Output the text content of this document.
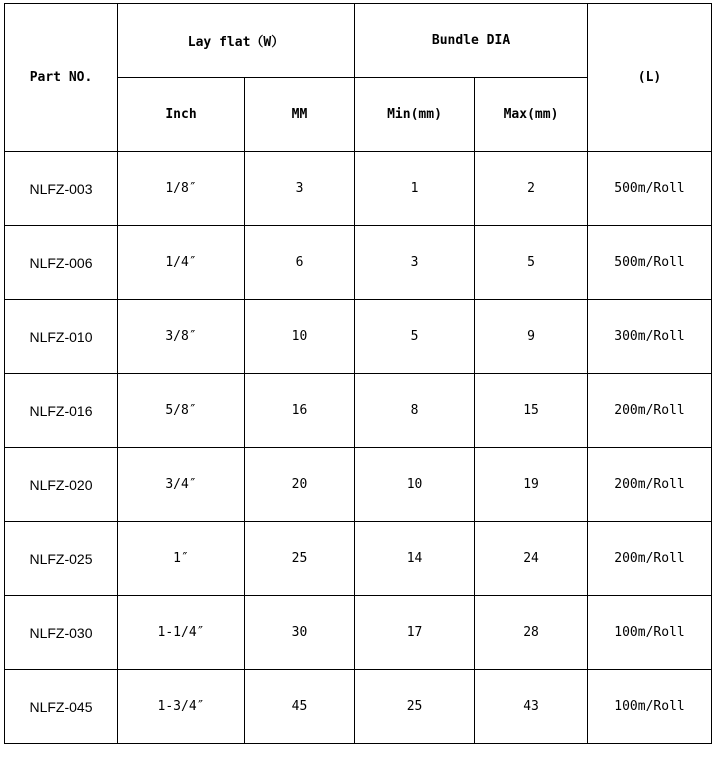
Part NO.	Lay flat（W）		Bundle DIA		(L)
	Inch	MM	Min(mm)	Max(mm)	
NLFZ-003	1/8″	3	1	2	500m/Roll
NLFZ-006	1/4″	6	3	5	500m/Roll
NLFZ-010	3/8″	10	5	9	300m/Roll
NLFZ-016	5/8″	16	8	15	200m/Roll
NLFZ-020	3/4″	20	10	19	200m/Roll
NLFZ-025	1″	25	14	24	200m/Roll
NLFZ-030	1-1/4″	30	17	28	100m/Roll
NLFZ-045	1-3/4″	45	25	43	100m/Roll
